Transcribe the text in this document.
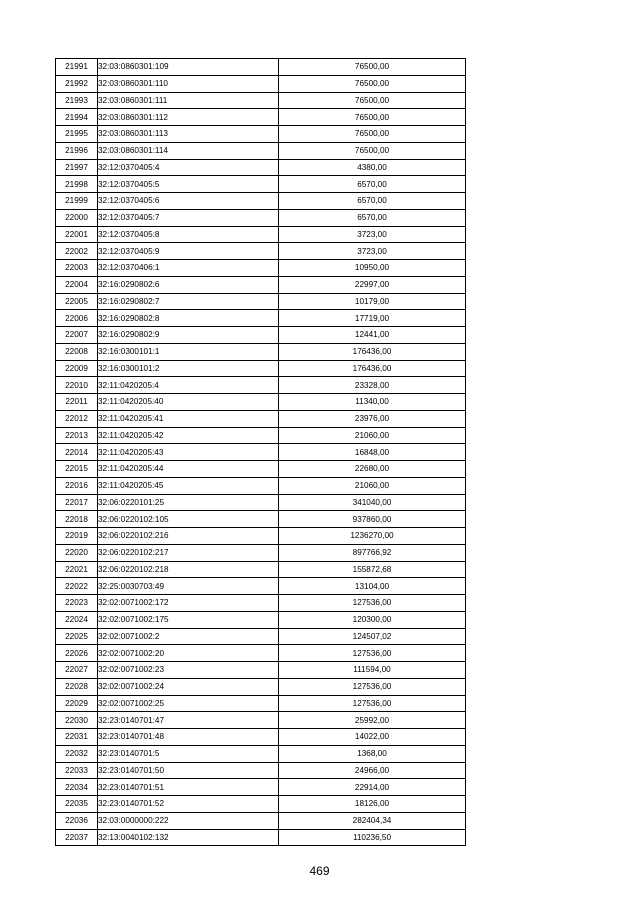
21991	32:03:0860301:109	76500,00
21992	32:03:0860301:110	76500,00
21993	32:03:0860301:111	76500,00
21994	32:03:0860301:112	76500,00
21995	32:03:0860301:113	76500,00
21996	32:03:0860301:114	76500,00
21997	32:12:0370405:4	4380,00
21998	32:12:0370405:5	6570,00
21999	32:12:0370405:6	6570,00
22000	32:12:0370405:7	6570,00
22001	32:12:0370405:8	3723,00
22002	32:12:0370405:9	3723,00
22003	32:12:0370406:1	10950,00
22004	32:16:0290802:6	22997,00
22005	32:16:0290802:7	10179,00
22006	32:16:0290802:8	17719,00
22007	32:16:0290802:9	12441,00
22008	32:16:0300101:1	176436,00
22009	32:16:0300101:2	176436,00
22010	32:11:0420205:4	23328,00
22011	32:11:0420205:40	11340,00
22012	32:11:0420205:41	23976,00
22013	32:11:0420205:42	21060,00
22014	32:11:0420205:43	16848,00
22015	32:11:0420205:44	22680,00
22016	32:11:0420205:45	21060,00
22017	32:06:0220101:25	341040,00
22018	32:06:0220102:105	937860,00
22019	32:06:0220102:216	1236270,00
22020	32:06:0220102:217	897766,92
22021	32:06:0220102:218	155872,68
22022	32:25:0030703:49	13104,00
22023	32:02:0071002:172	127536,00
22024	32:02:0071002:175	120300,00
22025	32:02:0071002:2	124507,02
22026	32:02:0071002:20	127536,00
22027	32:02:0071002:23	111594,00
22028	32:02:0071002:24	127536,00
22029	32:02:0071002:25	127536,00
22030	32:23:0140701:47	25992,00
22031	32:23:0140701:48	14022,00
22032	32:23:0140701:5	1368,00
22033	32:23:0140701:50	24966,00
22034	32:23:0140701:51	22914,00
22035	32:23:0140701:52	18126,00
22036	32:03:0000000:222	282404,34
22037	32:13:0040102:132	110236,50
469
